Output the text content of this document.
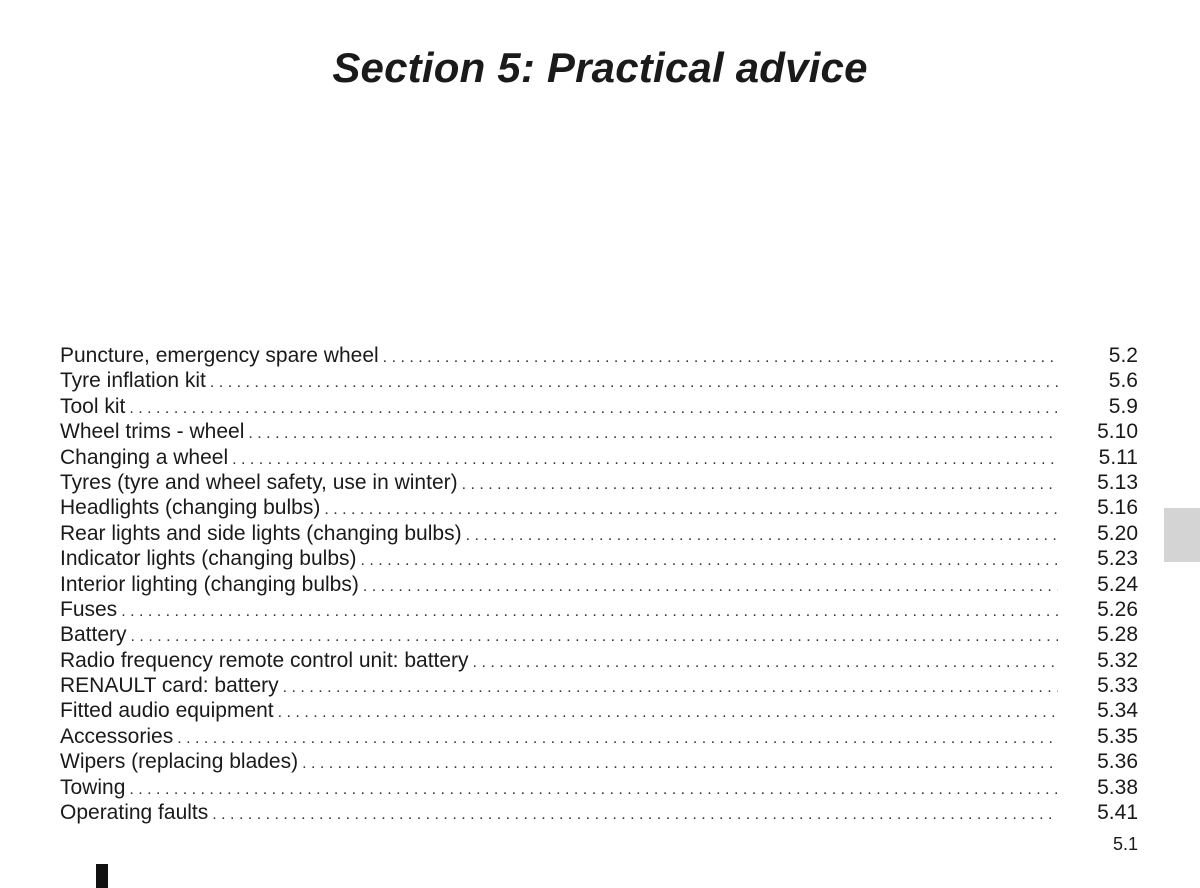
Section 5: Practical advice
Puncture, emergency spare wheel . . .	5.2
Tyre inflation kit . . .	5.6
Tool kit . . .	5.9
Wheel trims - wheel . . .	5.10
Changing a wheel . . .	5.11
Tyres (tyre and wheel safety, use in winter) . . .	5.13
Headlights (changing bulbs) . . .	5.16
Rear lights and side lights (changing bulbs) . . .	5.20
Indicator lights (changing bulbs) . . .	5.23
Interior lighting (changing bulbs) . . .	5.24
Fuses . . .	5.26
Battery . . .	5.28
Radio frequency remote control unit: battery . . .	5.32
RENAULT card: battery . . .	5.33
Fitted audio equipment . . .	5.34
Accessories . . .	5.35
Wipers (replacing blades) . . .	5.36
Towing . . .	5.38
Operating faults . . .	5.41
5.1
